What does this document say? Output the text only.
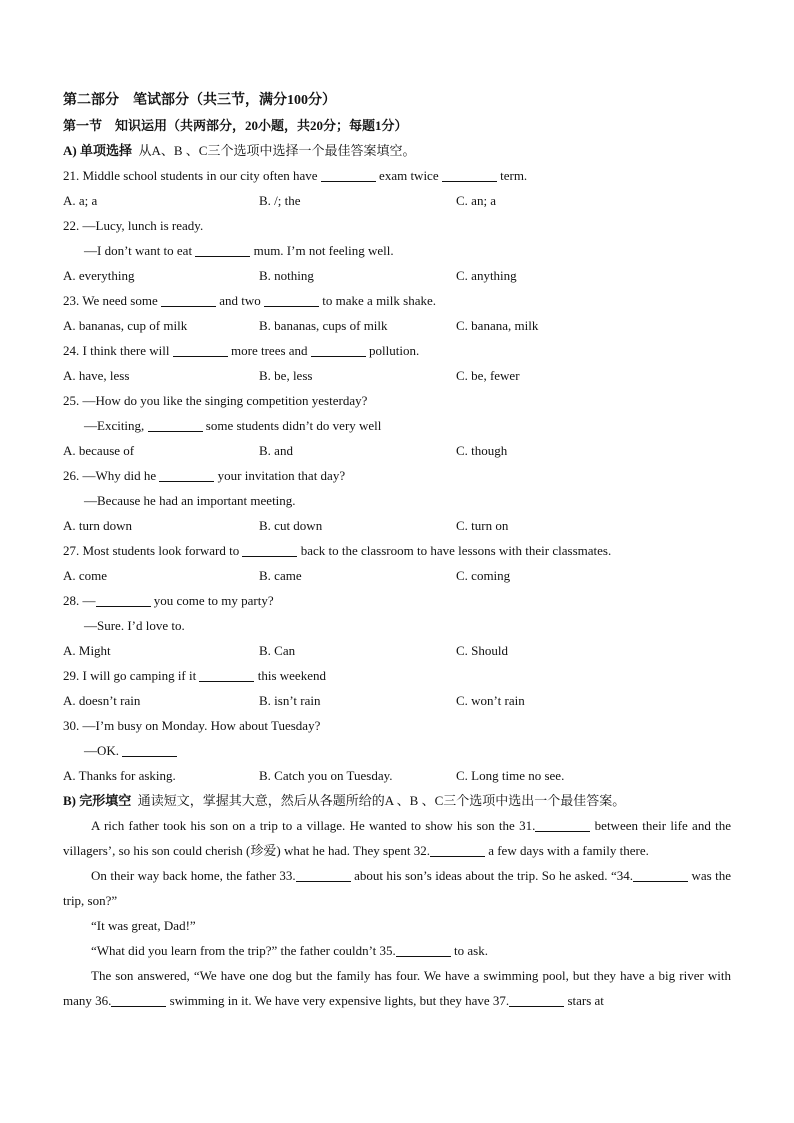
第二部分　笔试部分（共三节，满分100分）
第一节　知识运用（共两部分，20小题，共20分；每题1分）
A) 单项选择 从A、B 、C三个选项中选择一个最佳答案填空。
21. Middle school students in our city often have	exam twice	term.
A. a; a	B. /; the	C. an; a
22. —Lucy, lunch is ready.
—I don’t want to eat	mum. I’m not feeling well.
A. everything	B. nothing	C. anything
23. We need some	and two	to make a milk shake.
A. bananas, cup of milk	B. bananas, cups of milk	C. banana, milk
24. I think there will	more trees and	pollution.
A. have, less	B. be, less	C. be, fewer
25. —How do you like the singing competition yesterday?
—Exciting,	some students didn’t do very well
A. because of	B. and	C. though
26. —Why did he	your invitation that day?
—Because he had an important meeting.
A. turn down	B. cut down	C. turn on
27. Most students look forward to	back to the classroom to have lessons with their classmates.
A. come	B. came	C. coming
28. —	you come to my party?
—Sure. I’d love to.
A. Might	B. Can	C. Should
29. I will go camping if it	this weekend
A. doesn’t rain	B. isn’t rain	C. won’t rain
30. —I’m busy on Monday. How about Tuesday?
—OK.
A. Thanks for asking.	B. Catch you on Tuesday.	C. Long time no see.
B) 完形填空 通读短文，掌握其大意，然后从各题所给的A 、B 、C三个选项中选出一个最佳答案。
A rich father took his son on a trip to a village. He wanted to show his son the 31.	between their life and the villagers’, so his son could cherish (珍爱) what he had. They spent 32.	a few days with a family there.
On their way back home, the father 33.	about his son’s ideas about the trip. So he asked. “34.	was the trip, son?”
“It was great, Dad!”
“What did you learn from the trip?” the father couldn’t 35.	to ask.
The son answered, “We have one dog but the family has four. We have a swimming pool, but they have a big river with many 36.	swimming in it. We have very expensive lights, but they have 37.	stars at
